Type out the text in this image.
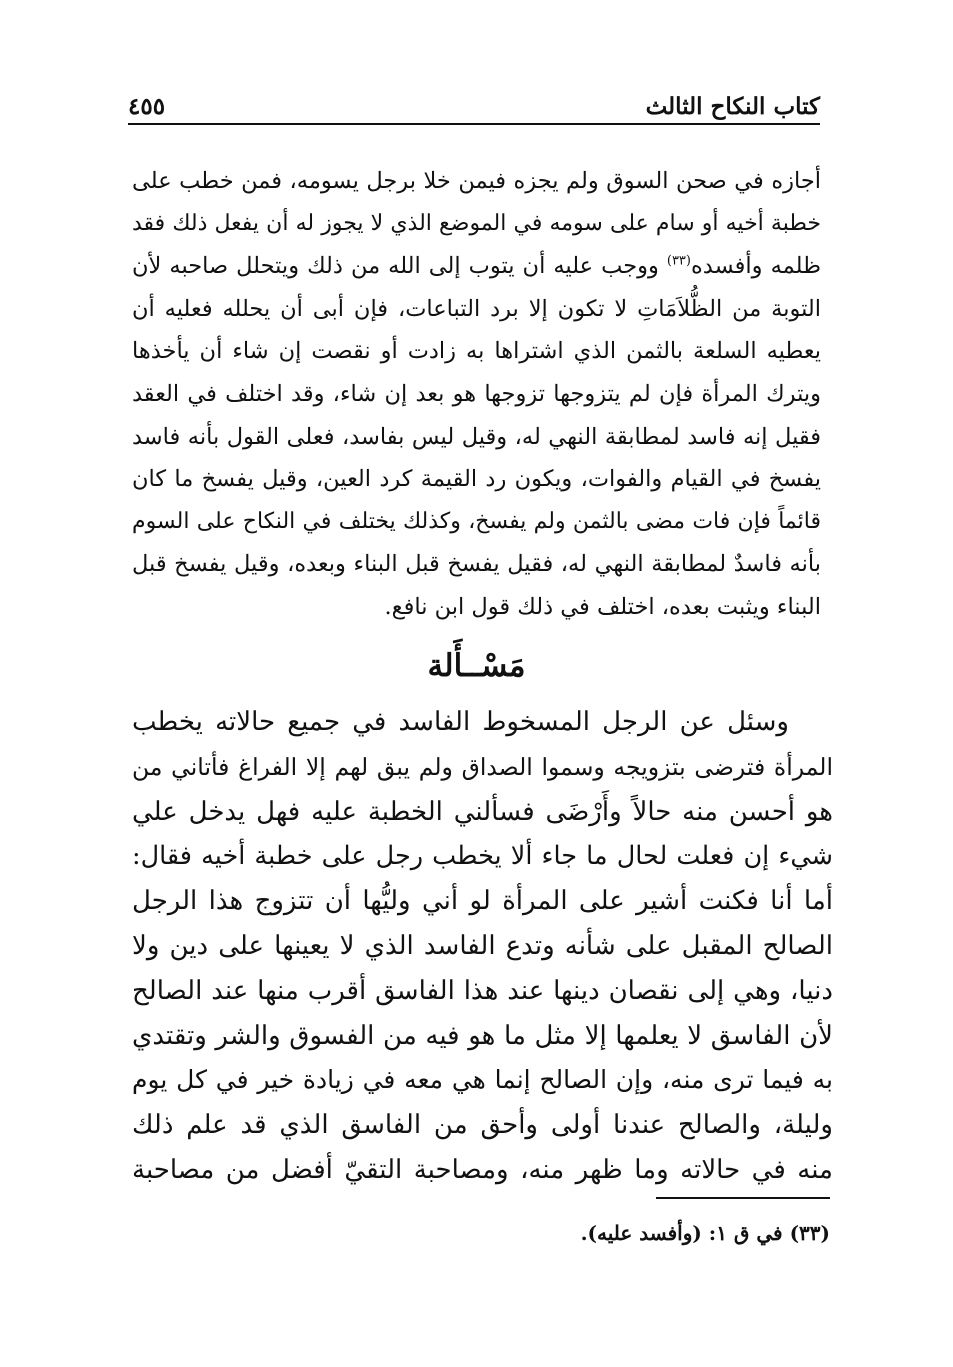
كتاب النكاح الثالث
٤٥٥
أجازه في صحن السوق ولم يجزه فيمن خلا برجل يسومه، فمن خطب على
خطبة أخيه أو سام على سومه في الموضع الذي لا يجوز له أن يفعل ذلك فقد
ظلمه وأفسده$^{(٣٣)}$ ووجب عليه أن يتوب إلى الله من ذلك ويتحلل صاحبه لأن
التوبة من الظُّلاَمَاتِ لا تكون إلا برد التباعات، فإن أبى أن يحلله فعليه أن
يعطيه السلعة بالثمن الذي اشتراها به زادت أو نقصت إن شاء أن يأخذها
ويترك المرأة فإن لم يتزوجها تزوجها هو بعد إن شاء، وقد اختلف في العقد
فقيل إنه فاسد لمطابقة النهي له، وقيل ليس بفاسد، فعلى القول بأنه فاسد
يفسخ في القيام والفوات، ويكون رد القيمة كرد العين، وقيل يفسخ ما كان
قائماً فإن فات مضى بالثمن ولم يفسخ، وكذلك يختلف في النكاح على السوم
بأنه فاسدٌ لمطابقة النهي له، فقيل يفسخ قبل البناء وبعده، وقيل يفسخ قبل
البناء ويثبت بعده، اختلف في ذلك قول ابن نافع.
مَسْــأَلة
وسئل عن الرجل المسخوط الفاسد في جميع حالاته يخطب
المرأة فترضى بتزويجه وسموا الصداق ولم يبق لهم إلا الفراغ فأتاني من
هو أحسن منه حالاً وأَرْضَى فسألني الخطبة عليه فهل يدخل علي
شيء إن فعلت لحال ما جاء ألا يخطب رجل على خطبة أخيه فقال:
أما أنا فكنت أشير على المرأة لو أني وليُّها أن تتزوج هذا الرجل
الصالح المقبل على شأنه وتدع الفاسد الذي لا يعينها على دين ولا
دنيا، وهي إلى نقصان دينها عند هذا الفاسق أقرب منها عند الصالح
لأن الفاسق لا يعلمها إلا مثل ما هو فيه من الفسوق والشر وتقتدي
به فيما ترى منه، وإن الصالح إنما هي معه في زيادة خير في كل يوم
وليلة، والصالح عندنا أولى وأحق من الفاسق الذي قد علم ذلك
منه في حالاته وما ظهر منه، ومصاحبة التقيّ أفضل من مصاحبة
(٣٣) في ق ١: (وأفسد عليه).
